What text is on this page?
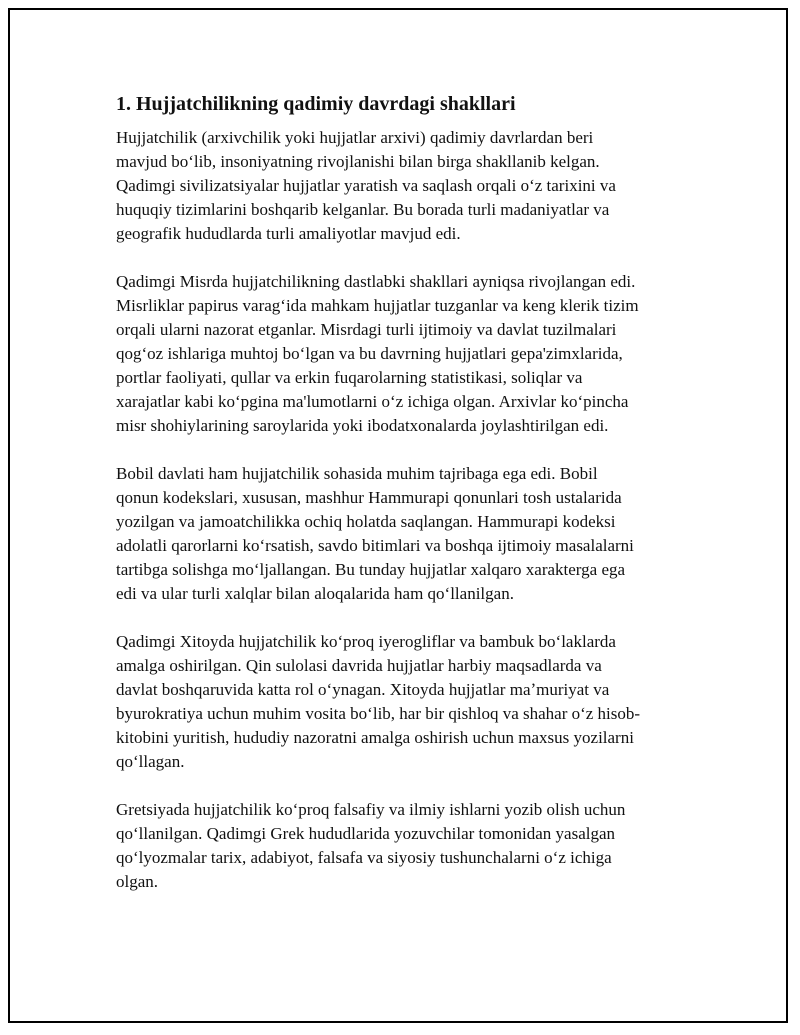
1. Hujjatchilikning qadimiy davrdagi shakllari

Hujjatchilik (arxivchilik yoki hujjatlar arxivi) qadimiy davrlardan beri
mavjud boʻlib, insoniyatning rivojlanishi bilan birga shakllanib kelgan.
Qadimgi sivilizatsiyalar hujjatlar yaratish va saqlash orqali oʻz tarixini va
huquqiy tizimlarini boshqarib kelganlar. Bu borada turli madaniyatlar va
geografik hududlarda turli amaliyotlar mavjud edi.

Qadimgi Misrda hujjatchilikning dastlabki shakllari ayniqsa rivojlangan edi.
Misrliklar papirus varagʻida mahkam hujjatlar tuzganlar va keng klerik tizim
orqali ularni nazorat etganlar. Misrdagi turli ijtimoiy va davlat tuzilmalari
qogʻoz ishlariga muhtoj boʻlgan va bu davrning hujjatlari gepa'zimxlarida,
portlar faoliyati, qullar va erkin fuqarolarning statistikasi, soliqlar va
xarajatlar kabi koʻpgina ma'lumotlarni oʻz ichiga olgan. Arxivlar koʻpincha
misr shohiylarining saroylarida yoki ibodatxonalarda joylashtirilgan edi.

Bobil davlati ham hujjatchilik sohasida muhim tajribaga ega edi. Bobil
qonun kodekslari, xususan, mashhur Hammurapi qonunlari tosh ustalarida
yozilgan va jamoatchilikka ochiq holatda saqlangan. Hammurapi kodeksi
adolatli qarorlarni koʻrsatish, savdo bitimlari va boshqa ijtimoiy masalalarni
tartibga solishga moʻljallangan. Bu tunday hujjatlar xalqaro xarakterga ega
edi va ular turli xalqlar bilan aloqalarida ham qoʻllanilgan.

Qadimgi Xitoyda hujjatchilik koʻproq iyerogliflar va bambuk boʻlaklarda
amalga oshirilgan. Qin sulolasi davrida hujjatlar harbiy maqsadlarda va
davlat boshqaruvida katta rol oʻynagan. Xitoyda hujjatlar maʼmuriyat va
byurokratiya uchun muhim vosita boʻlib, har bir qishloq va shahar oʻz hisob-
kitobini yuritish, hududiy nazoratni amalga oshirish uchun maxsus yozilarni
qoʻllagan.

Gretsiyada hujjatchilik koʻproq falsafiy va ilmiy ishlarni yozib olish uchun
qoʻllanilgan. Qadimgi Grek hududlarida yozuvchilar tomonidan yasalgan
qoʻlyozmalar tarix, adabiyot, falsafa va siyosiy tushunchalarni oʻz ichiga
olgan.
